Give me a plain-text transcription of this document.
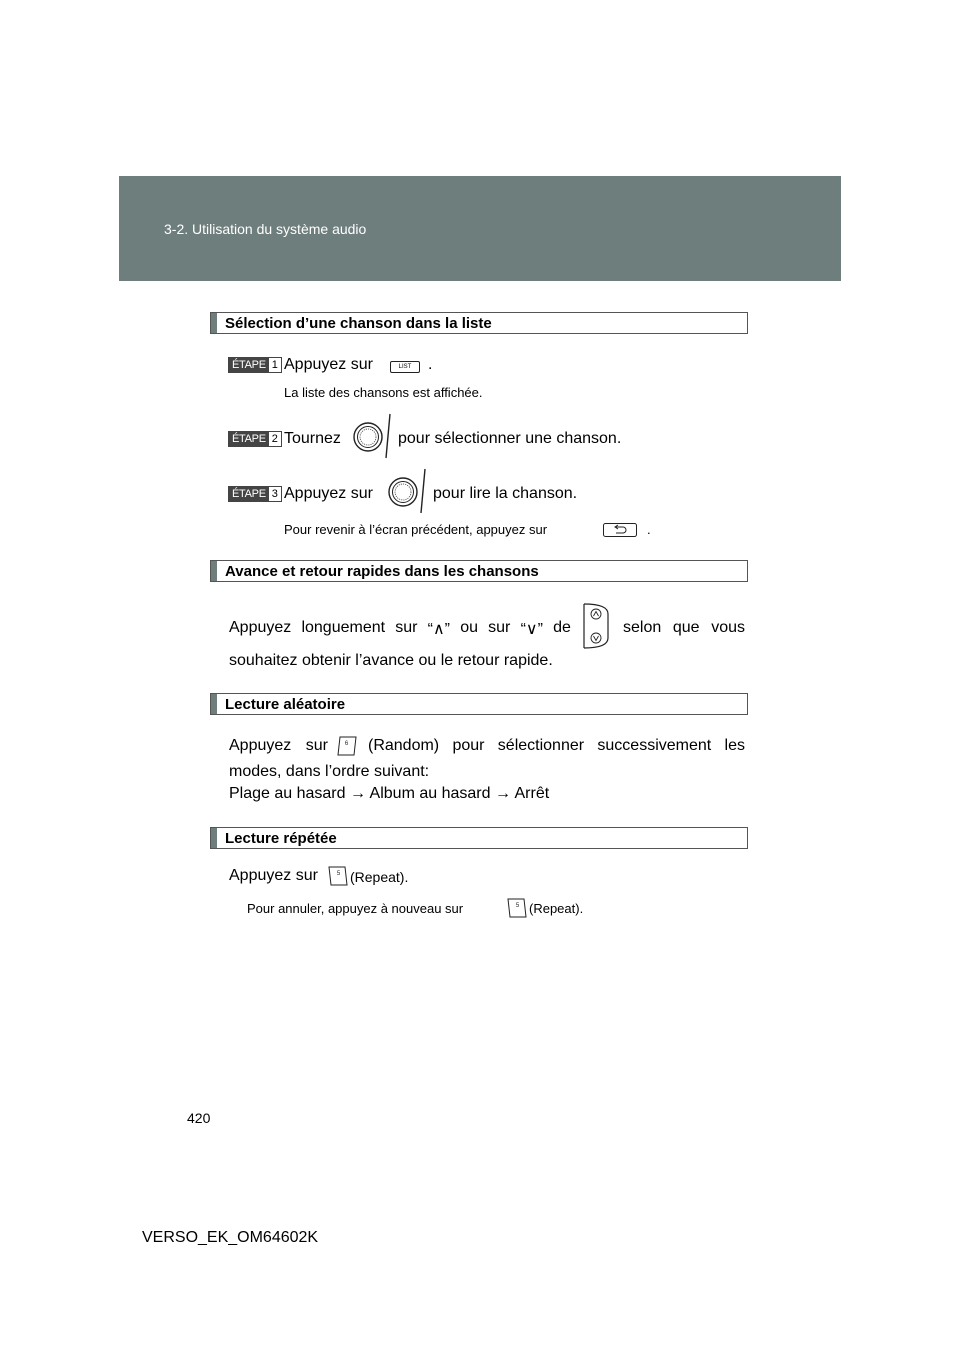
3-2. Utilisation du système audio
Sélection d’une chanson dans la liste
ÉTAPE 1 Appuyez sur	LIST .
La liste des chansons est affichée.
ÉTAPE 2 Tournez	pour sélectionner une chanson.
ÉTAPE 3 Appuyez sur	pour lire la chanson.
Pour revenir à l’écran précédent, appuyez sur	.
Avance et retour rapides dans les chansons
Appuyez longuement sur “∧” ou sur “∨” de	selon que vous
souhaitez obtenir l’avance ou le retour rapide.
Lecture aléatoire
Appuyez sur	6 (Random) pour sélectionner successivement les
modes, dans l’ordre suivant:
Plage au hasard → Album au hasard → Arrêt
Lecture répétée
Appuyez sur	5 (Repeat).
Pour annuler, appuyez à nouveau sur	5 (Repeat).
420
VERSO_EK_OM64602K
